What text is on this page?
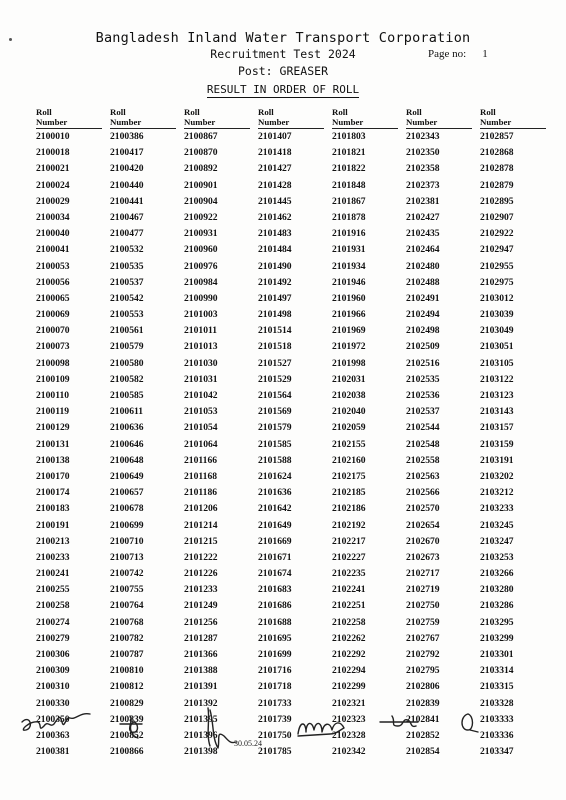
Bangladesh Inland Water Transport Corporation
Recruitment Test 2024	Page no: 1
Post: GREASER
RESULT IN ORDER OF ROLL
Roll
Number
2100010
2100018
2100021
2100024
2100029
2100034
2100040
2100041
2100053
2100056
2100065
2100069
2100070
2100073
2100098
2100109
2100110
2100119
2100129
2100131
2100138
2100170
2100174
2100183
2100191
2100213
2100233
2100241
2100255
2100258
2100274
2100279
2100306
2100309
2100310
2100330
2100350
2100363
2100381
Roll
Number
2100386
2100417
2100420
2100440
2100441
2100467
2100477
2100532
2100535
2100537
2100542
2100553
2100561
2100579
2100580
2100582
2100585
2100611
2100636
2100646
2100648
2100649
2100657
2100678
2100699
2100710
2100713
2100742
2100755
2100764
2100768
2100782
2100787
2100810
2100812
2100829
2100839
2100852
2100866
Roll
Number
2100867
2100870
2100892
2100901
2100904
2100922
2100931
2100960
2100976
2100984
2100990
2101003
2101011
2101013
2101030
2101031
2101042
2101053
2101054
2101064
2101166
2101168
2101186
2101206
2101214
2101215
2101222
2101226
2101233
2101249
2101256
2101287
2101366
2101388
2101391
2101392
2101395
2101396
2101398
Roll
Number
2101407
2101418
2101427
2101428
2101445
2101462
2101483
2101484
2101490
2101492
2101497
2101498
2101514
2101518
2101527
2101529
2101564
2101569
2101579
2101585
2101588
2101624
2101636
2101642
2101649
2101669
2101671
2101674
2101683
2101686
2101688
2101695
2101699
2101716
2101718
2101733
2101739
2101750
2101785
Roll
Number
2101803
2101821
2101822
2101848
2101867
2101878
2101916
2101931
2101934
2101946
2101960
2101966
2101969
2101972
2101998
2102031
2102038
2102040
2102059
2102155
2102160
2102175
2102185
2102186
2102192
2102217
2102227
2102235
2102241
2102251
2102258
2102262
2102292
2102294
2102299
2102321
2102323
2102328
2102342
Roll
Number
2102343
2102350
2102358
2102373
2102381
2102427
2102435
2102464
2102480
2102488
2102491
2102494
2102498
2102509
2102516
2102535
2102536
2102537
2102544
2102548
2102558
2102563
2102566
2102570
2102654
2102670
2102673
2102717
2102719
2102750
2102759
2102767
2102792
2102795
2102806
2102839
2102841
2102852
2102854
Roll
Number
2102857
2102868
2102878
2102879
2102895
2102907
2102922
2102947
2102955
2102975
2103012
2103039
2103049
2103051
2103105
2103122
2103123
2103143
2103157
2103159
2103191
2103202
2103212
2103233
2103245
2103247
2103253
2103266
2103280
2103286
2103295
2103299
2103301
2103314
2103315
2103328
2103333
2103336
2103347
30.05.24
